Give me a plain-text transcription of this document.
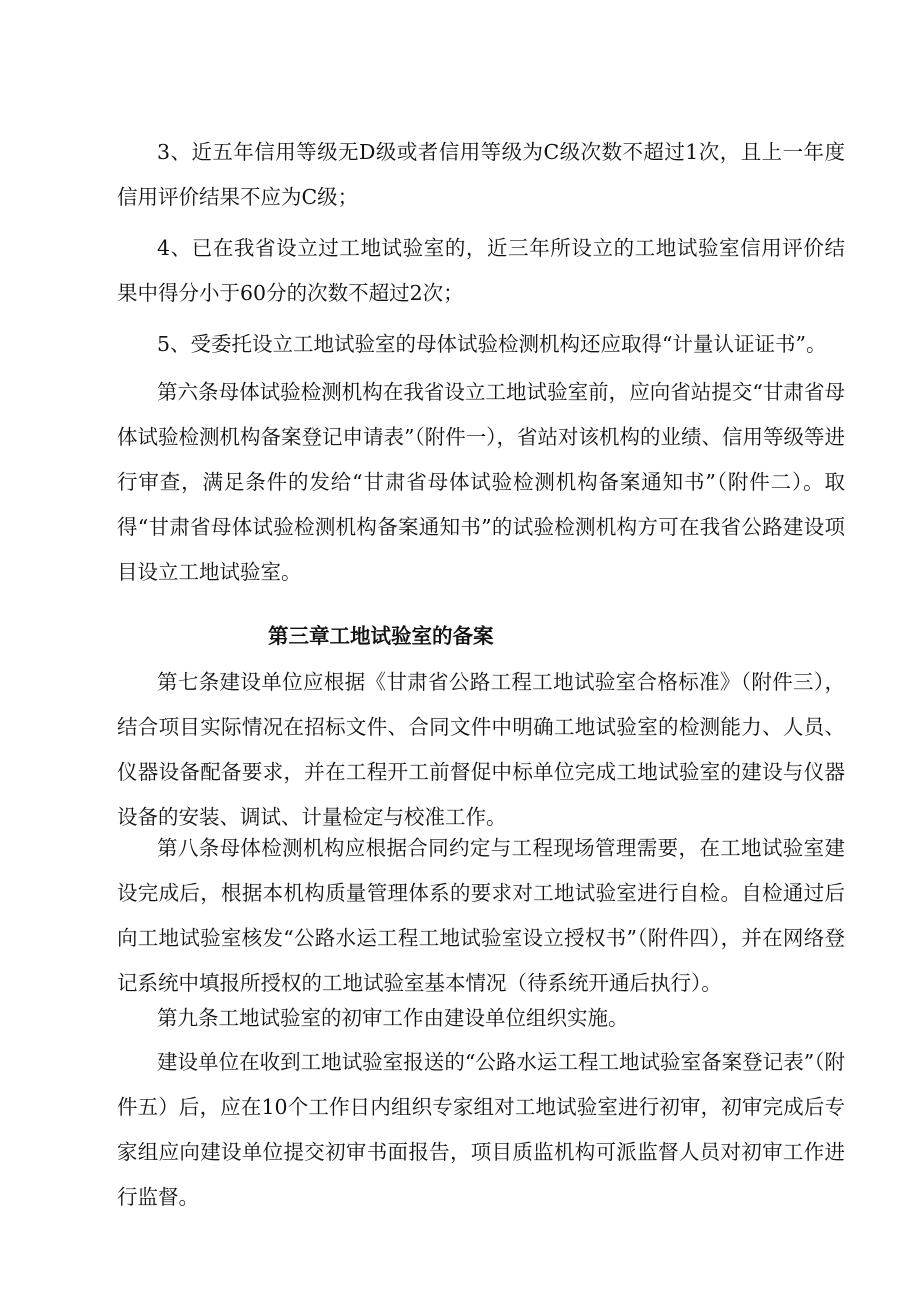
3、近五年信用等级无D级或者信用等级为C级次数不超过1次，且上一年度信用评价结果不应为C级；

4、已在我省设立过工地试验室的，近三年所设立的工地试验室信用评价结果中得分小于60分的次数不超过2次；

5、受委托设立工地试验室的母体试验检测机构还应取得“计量认证证书”。

第六条母体试验检测机构在我省设立工地试验室前，应向省站提交“甘肃省母体试验检测机构备案登记申请表”（附件一），省站对该机构的业绩、信用等级等进行审查，满足条件的发给“甘肃省母体试验检测机构备案通知书”（附件二）。取得“甘肃省母体试验检测机构备案通知书”的试验检测机构方可在我省公路建设项目设立工地试验室。

第三章工地试验室的备案

第七条建设单位应根据《甘肃省公路工程工地试验室合格标准》（附件三），结合项目实际情况在招标文件、合同文件中明确工地试验室的检测能力、人员、仪器设备配备要求，并在工程开工前督促中标单位完成工地试验室的建设与仪器设备的安装、调试、计量检定与校准工作。

第八条母体检测机构应根据合同约定与工程现场管理需要，在工地试验室建设完成后，根据本机构质量管理体系的要求对工地试验室进行自检。自检通过后向工地试验室核发“公路水运工程工地试验室设立授权书”（附件四），并在网络登记系统中填报所授权的工地试验室基本情况（待系统开通后执行）。

第九条工地试验室的初审工作由建设单位组织实施。

建设单位在收到工地试验室报送的“公路水运工程工地试验室备案登记表”（附件五）后，应在10个工作日内组织专家组对工地试验室进行初审，初审完成后专家组应向建设单位提交初审书面报告，项目质监机构可派监督人员对初审工作进行监督。
